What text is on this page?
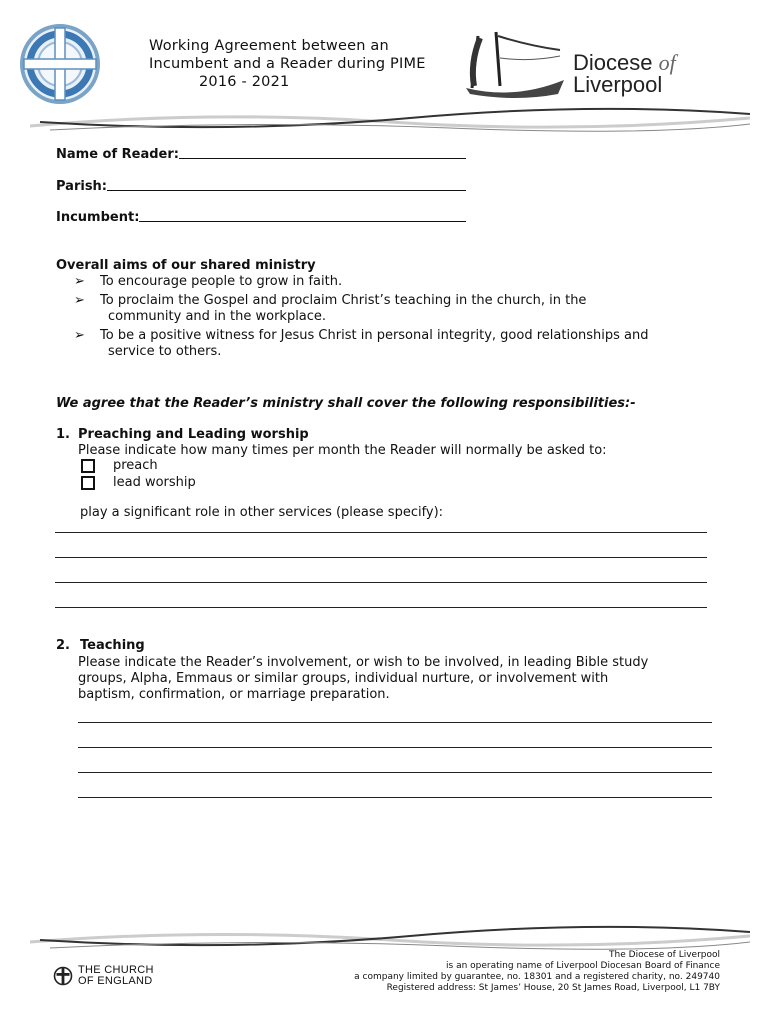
Working Agreement between an
Incumbent and a Reader during PIME
2016 - 2021
Diocese of
Liverpool
Name of Reader:
Parish:
Incumbent:
Overall aims of our shared ministry
➢ To encourage people to grow in faith.
➢ To proclaim the Gospel and proclaim Christ’s teaching in the church, in the
community and in the workplace.
➢ To be a positive witness for Jesus Christ in personal integrity, good relationships and
service to others.
We agree that the Reader’s ministry shall cover the following responsibilities:-
1. Preaching and Leading worship
Please indicate how many times per month the Reader will normally be asked to:
preach
lead worship
play a significant role in other services (please specify):
2. Teaching
Please indicate the Reader’s involvement, or wish to be involved, in leading Bible study
groups, Alpha, Emmaus or similar groups, individual nurture, or involvement with
baptism, confirmation, or marriage preparation.
THE CHURCH
OF ENGLAND
The Diocese of Liverpool
is an operating name of Liverpool Diocesan Board of Finance
a company limited by guarantee, no. 18301 and a registered charity, no. 249740
Registered address: St James’ House, 20 St James Road, Liverpool, L1 7BY
